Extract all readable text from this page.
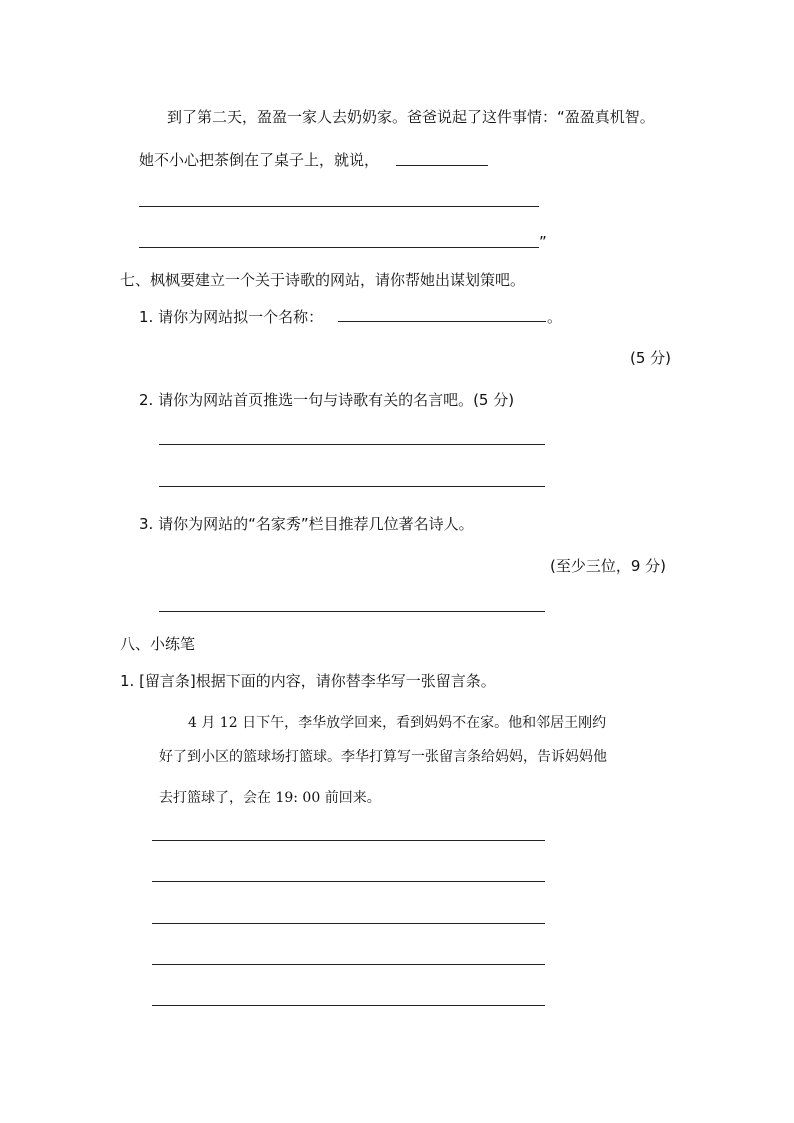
到了第二天，盈盈一家人去奶奶家。爸爸说起了这件事情：“盈盈真机智。
她不小心把茶倒在了桌子上，就说，
”
七、枫枫要建立一个关于诗歌的网站，请你帮她出谋划策吧。
1. 请你为网站拟一个名称：	。
(5 分)
2. 请你为网站首页推选一句与诗歌有关的名言吧。(5 分)
3. 请你为网站的“名家秀”栏目推荐几位著名诗人。
(至少三位，9 分)
八、小练笔
1. [留言条]根据下面的内容，请你替李华写一张留言条。
4 月 12 日下午，李华放学回来，看到妈妈不在家。他和邻居王刚约
好了到小区的篮球场打篮球。李华打算写一张留言条给妈妈，告诉妈妈他
去打篮球了，会在 19: 00 前回来。
